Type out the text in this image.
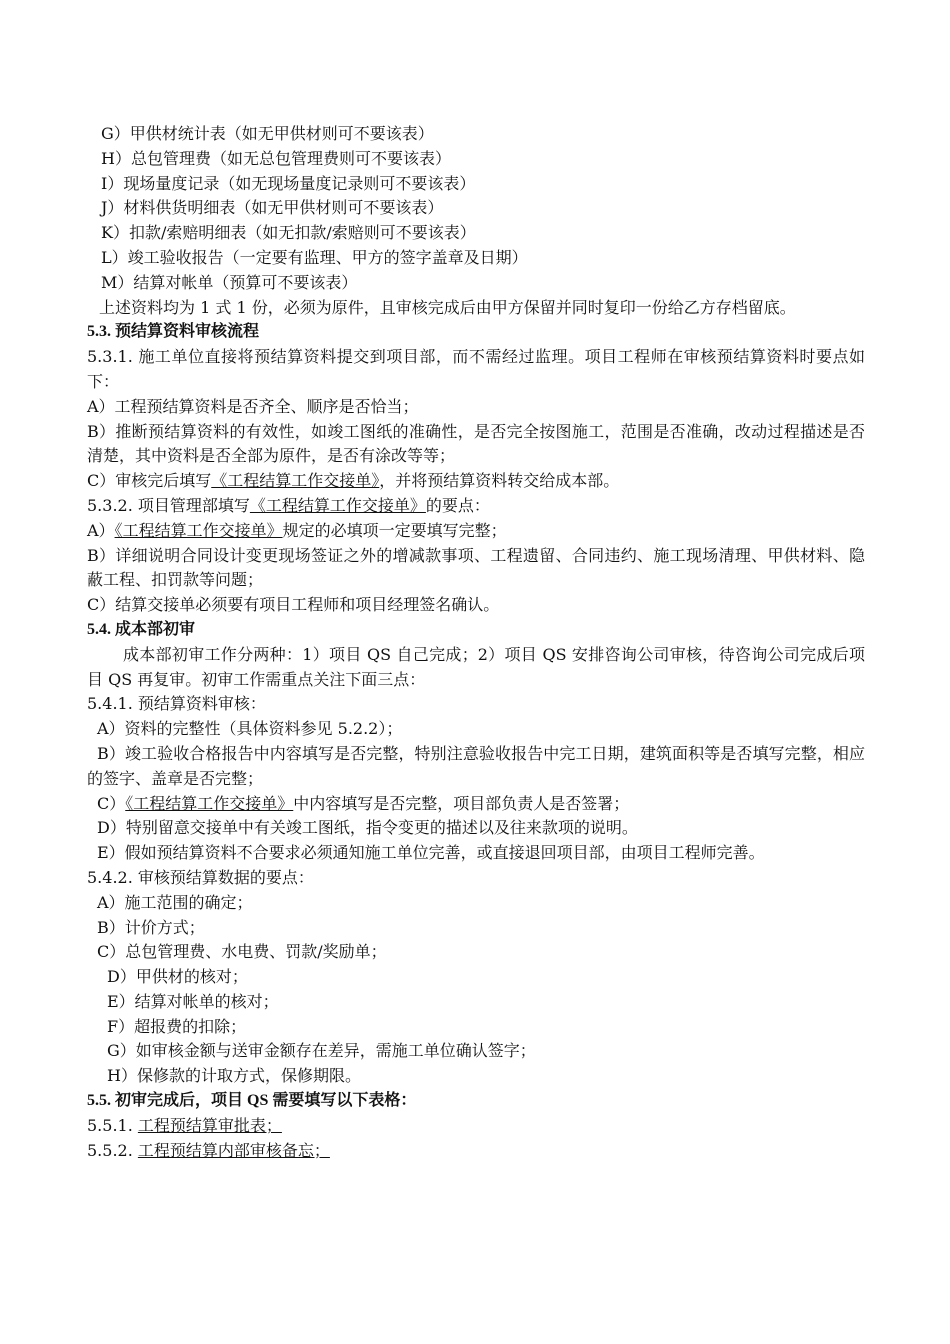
G）甲供材统计表（如无甲供材则可不要该表）
H）总包管理费（如无总包管理费则可不要该表）
I）现场量度记录（如无现场量度记录则可不要该表）
J）材料供货明细表（如无甲供材则可不要该表）
K）扣款/索赔明细表（如无扣款/索赔则可不要该表）
L）竣工验收报告（一定要有监理、甲方的签字盖章及日期）
M）结算对帐单（预算可不要该表）
上述资料均为 1 式 1 份，必须为原件，且审核完成后由甲方保留并同时复印一份给乙方存档留底。
5.3. 预结算资料审核流程
5.3.1. 施工单位直接将预结算资料提交到项目部，而不需经过监理。项目工程师在审核预结算资料时要点如下：
A）工程预结算资料是否齐全、顺序是否恰当；
B）推断预结算资料的有效性，如竣工图纸的准确性，是否完全按图施工，范围是否准确，改动过程描述是否清楚，其中资料是否全部为原件，是否有涂改等等；
C）审核完后填写《工程结算工作交接单》，并将预结算资料转交给成本部。
5.3.2. 项目管理部填写《工程结算工作交接单》的要点：
A）《工程结算工作交接单》规定的必填项一定要填写完整；
B）详细说明合同设计变更现场签证之外的增减款事项、工程遗留、合同违约、施工现场清理、甲供材料、隐蔽工程、扣罚款等问题；
C）结算交接单必须要有项目工程师和项目经理签名确认。
5.4. 成本部初审
成本部初审工作分两种：1）项目 QS 自己完成；2）项目 QS 安排咨询公司审核，待咨询公司完成后项目 QS 再复审。初审工作需重点关注下面三点：
5.4.1. 预结算资料审核：
A）资料的完整性（具体资料参见 5.2.2）；
B）竣工验收合格报告中内容填写是否完整，特别注意验收报告中完工日期，建筑面积等是否填写完整，相应的签字、盖章是否完整；
C）《工程结算工作交接单》中内容填写是否完整，项目部负责人是否签署；
D）特别留意交接单中有关竣工图纸，指令变更的描述以及往来款项的说明。
E）假如预结算资料不合要求必须通知施工单位完善，或直接退回项目部，由项目工程师完善。
5.4.2. 审核预结算数据的要点：
A）施工范围的确定；
B）计价方式；
C）总包管理费、水电费、罚款/奖励单；
D）甲供材的核对；
E）结算对帐单的核对；
F）超报费的扣除；
G）如审核金额与送审金额存在差异，需施工单位确认签字；
H）保修款的计取方式，保修期限。
5.5. 初审完成后，项目 QS 需要填写以下表格：
5.5.1. 工程预结算审批表；
5.5.2. 工程预结算内部审核备忘；
